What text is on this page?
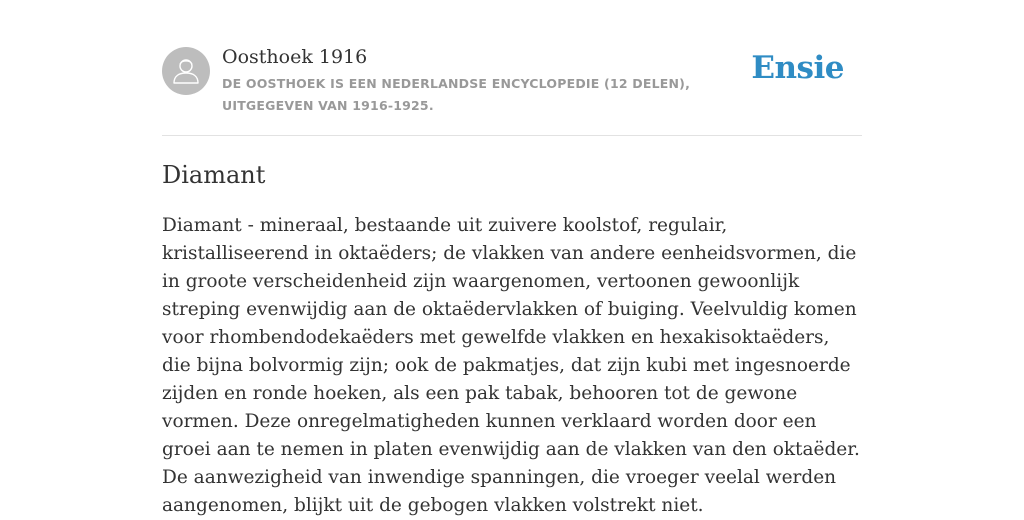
Oosthoek 1916
DE OOSTHOEK IS EEN NEDERLANDSE ENCYCLOPEDIE (12 DELEN), UITGEGEVEN VAN 1916-1925.
Ensie
Diamant

Diamant - mineraal, bestaande uit zuivere koolstof, regulair, kristalliseerend in oktaëders; de vlakken van andere eenheidsvormen, die in groote verscheidenheid zijn waargenomen, vertoonen gewoonlijk streping evenwijdig aan de oktaëdervlakken of buiging. Veelvuldig komen voor rhombendodekaëders met gewelfde vlakken en hexakisoktaëders, die bijna bolvormig zijn; ook de pakmatjes, dat zijn kubi met ingesnoerde zijden en ronde hoeken, als een pak tabak, behooren tot de gewone vormen. Deze onregelmatigheden kunnen verklaard worden door een groei aan te nemen in platen evenwijdig aan de vlakken van den oktaëder. De aanwezigheid van inwendige spanningen, die vroeger veelal werden aangenomen, blijkt uit de gebogen vlakken volstrekt niet.
